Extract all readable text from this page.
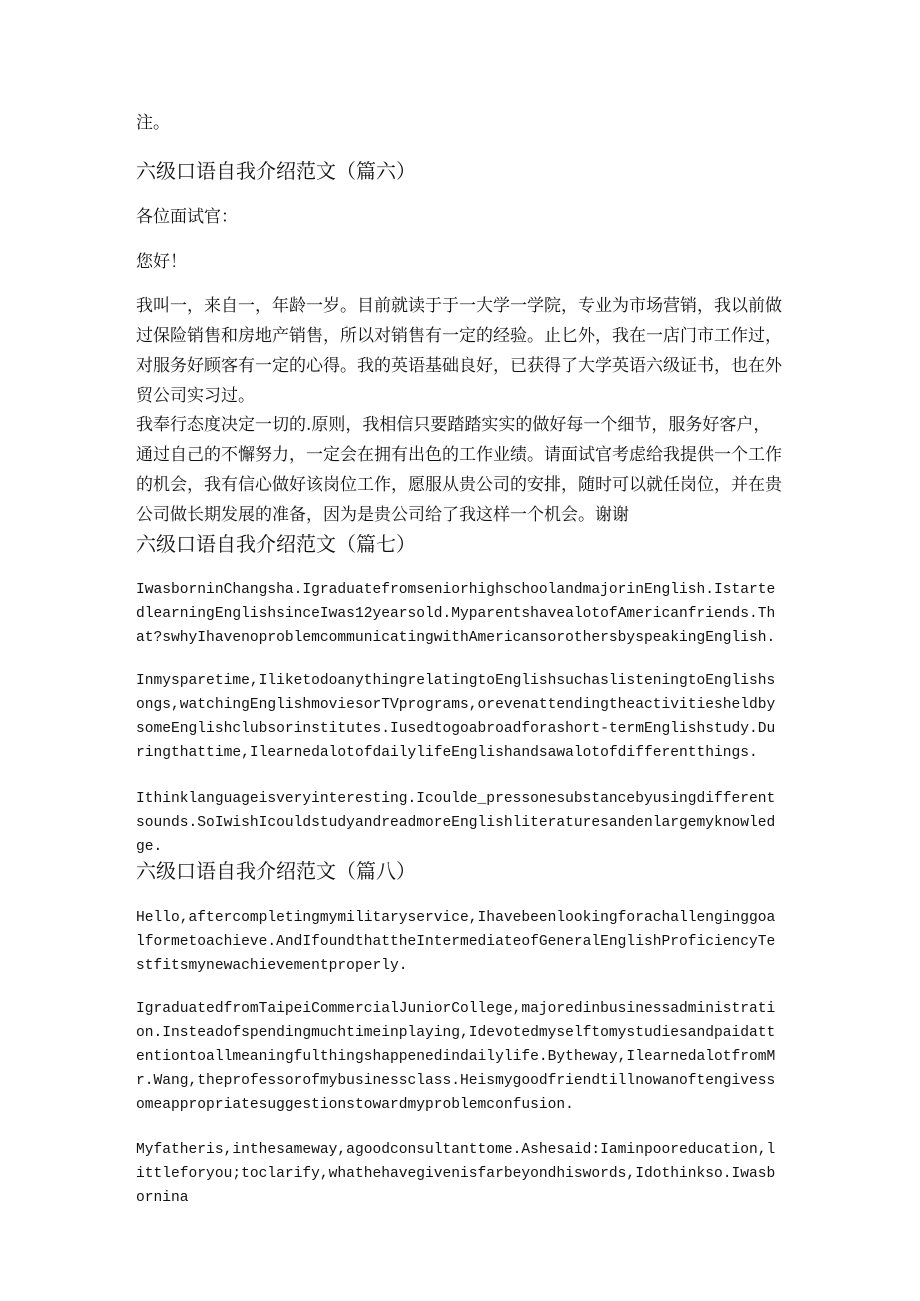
注。

六级口语自我介绍范文（篇六）

各位面试官：

您好！

我叫一，来自一，年龄一岁。目前就读于于一大学一学院，专业为市场营销，我以前做过保险销售和房地产销售，所以对销售有一定的经验。止匕外，我在一店门市工作过，对服务好顾客有一定的心得。我的英语基础良好，已获得了大学英语六级证书，也在外贸公司实习过。

我奉行态度决定一切的.原则，我相信只要踏踏实实的做好每一个细节，服务好客户，通过自己的不懈努力，一定会在拥有出色的工作业绩。请面试官考虑给我提供一个工作的机会，我有信心做好该岗位工作，愿服从贵公司的安排，随时可以就任岗位，并在贵公司做长期发展的准备，因为是贵公司给了我这样一个机会。谢谢

六级口语自我介绍范文（篇七）

IwasborninChangsha.IgraduatefromseniorhighschoolandmajorinEnglish.IstartedlearningEnglishsinceIwas12yearsold.MyparentshavealotofAmericanfriends.That?swhyIhavenoproblemcommunicatingwithAmericansorothersbyspeakingEnglish.

Inmysparetime,IliketodoanythingrelatingtoEnglishsuchaslisteningtoEnglishsongs,watchingEnglishmoviesorTVprograms,orevenattendingtheactivitiesheldbysomeEnglishclubsorinstitutes.Iusedtogoabroadforashort-termEnglishstudy.Duringthattime,IlearnedalotofdailylifeEnglishandsawalotofdifferentthings.

Ithinklanguageisveryinteresting.Icoulde_pressonesubstancebyusingdifferentsounds.SoIwishIcouldstudyandreadmoreEnglishliteraturesandenlargemyknowledge.

六级口语自我介绍范文（篇八）

Hello,aftercompletingmymilitaryservice,Ihavebeenlookingforachallenginggoalformetoachieve.AndIfoundthattheIntermediateofGeneralEnglishProficiencyTestfitsmynewachievementproperly.

IgraduatedfromTaipeiCommercialJuniorCollege,majoredinbusinessadministration.Insteadofspendingmuchtimeinplaying,Idevotedmyselftomystudiesandpaidattentiontoallmeaningfulthingshappenedindailylife.Bytheway,IlearnedalotfromMr.Wang,theprofessorofmybusinessclass.Heismygoodfriendtillnowanoftengivessomeappropriatesuggestionstowardmyproblemconfusion.

Myfatheris,inthesameway,agoodconsultanttome.Ashesaid:Iaminpooreducation,littleforyou;toclarify,whathehavegivenisfarbeyondhiswords,Idothinkso.Iwasbornina
